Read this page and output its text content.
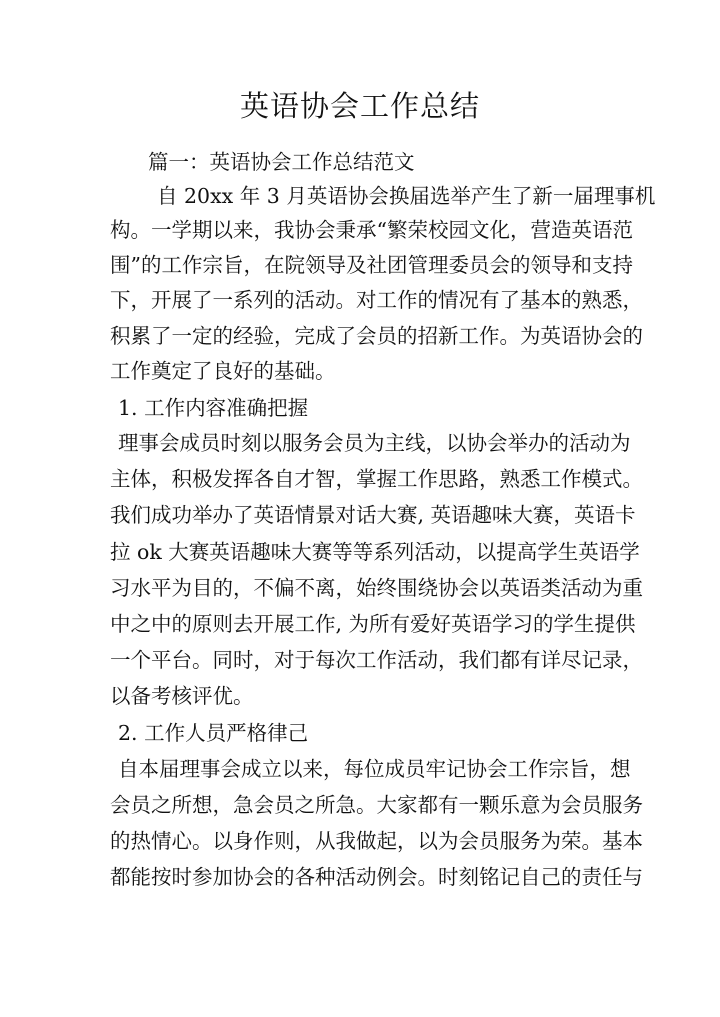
英语协会工作总结
篇一：英语协会工作总结范文
自 20xx 年 3 月英语协会换届选举产生了新一届理事机
构。一学期以来，我协会秉承“繁荣校园文化，营造英语范
围”的工作宗旨，在院领导及社团管理委员会的领导和支持
下，开展了一系列的活动。对工作的情况有了基本的熟悉，
积累了一定的经验，完成了会员的招新工作。为英语协会的
工作奠定了良好的基础。
1. 工作内容准确把握
理事会成员时刻以服务会员为主线，以协会举办的活动为
主体，积极发挥各自才智，掌握工作思路，熟悉工作模式。
我们成功举办了英语情景对话大赛, 英语趣味大赛，英语卡
拉 ok 大赛英语趣味大赛等等系列活动，以提高学生英语学
习水平为目的，不偏不离，始终围绕协会以英语类活动为重
中之中的原则去开展工作, 为所有爱好英语学习的学生提供
一个平台。同时，对于每次工作活动，我们都有详尽记录，
以备考核评优。
2. 工作人员严格律己
自本届理事会成立以来，每位成员牢记协会工作宗旨，想
会员之所想，急会员之所急。大家都有一颗乐意为会员服务
的热情心。以身作则，从我做起，以为会员服务为荣。基本
都能按时参加协会的各种活动例会。时刻铭记自己的责任与
